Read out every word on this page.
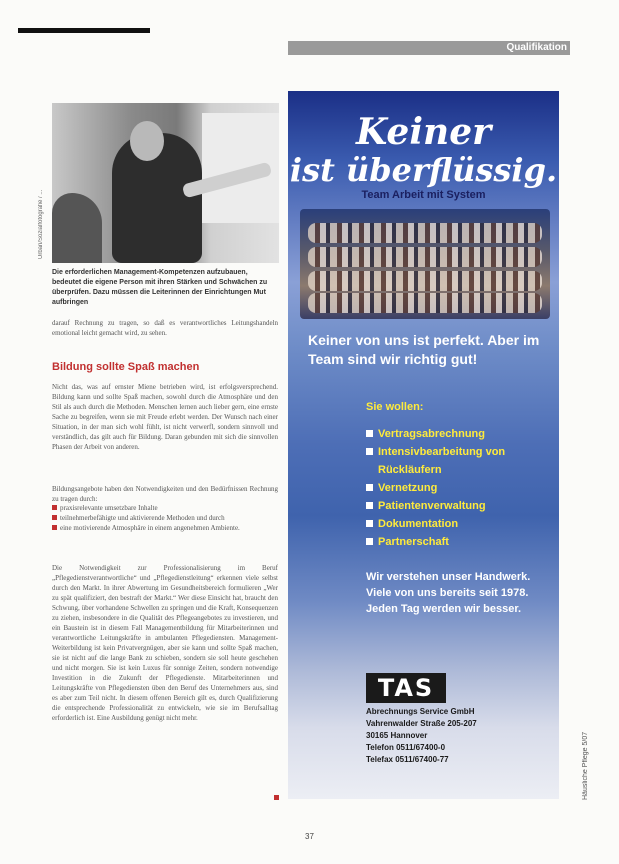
Qualifikation
Urban/Sozialfotografie / ...
Die erforderlichen Management-Kompetenzen aufzubauen, bedeutet die eigene Person mit ihren Stärken und Schwächen zu überprüfen. Dazu müssen die Leiterinnen der Einrichtungen Mut aufbringen
darauf Rechnung zu tragen, so daß es verantwortliches Leitungshandeln emotional leicht gemacht wird, zu sehen.
Bildung sollte Spaß machen
Nicht das, was auf ernster Miene betrieben wird, ist erfolgsversprechend. Bildung kann und sollte Spaß machen, sowohl durch die Atmosphäre und den Stil als auch durch die Methoden. Menschen lernen auch lieber gern, eine ernste Sache zu begreifen, wenn sie mit Freude erlebt werden. Der Wunsch nach einer Situation, in der man sich wohl fühlt, ist nicht verwerfl, sondern sinnvoll und verständlich, das gilt auch für Bildung. Daran gebunden mit sich die sinnvollen Phasen der Arbeit von anderen.
Bildungsangebote haben den Notwendigkeiten und den Bedürfnissen Rechnung zu tragen durch:
praxisrelevante umsetzbare Inhalte
teilnehmerbefähigte und aktivierende Methoden und durch
eine motivierende Atmosphäre in einem angenehmen Ambiente.
Die Notwendigkeit zur Professionalisierung im Beruf „Pflegedienstverantwortliche“ und „Pflegedienstleitung“ erkennen viele selbst durch den Markt. In ihrer Abwertung im Gesundheitsbereich formulieren „Wer zu spät qualifiziert, den bestraft der Markt.“ Wer diese Einsicht hat, braucht den Schwung, über vorhandene Schwellen zu springen und die Kraft, Konsequenzen zu ziehen, insbesondere in die Qualität des Pflegeangebotes zu investieren, und ein Baustein ist in diesem Fall Managementbildung für Mitarbeiterinnen und verantwortliche Leitungskräfte in ambulanten Pflegediensten. Management-Weiterbildung ist kein Privatvergnügen, aber sie kann und sollte Spaß machen, sie ist nicht auf die lange Bank zu schieben, sondern sie soll heute geschehen und nicht morgen. Sie ist kein Luxus für sonnige Zeiten, sondern notwendige Investition in die Zukunft der Pflegedienste. Mitarbeiterinnen und Leitungskräfte von Pflegediensten üben den Beruf des Unternehmers aus, sind es aber zum Teil nicht. In diesem offenen Bereich gilt es, durch Qualifizierung die entsprechende Professionalität zu entwickeln, wie sie im Berufsalltag erforderlich ist. Eine Ausbildung genügt nicht mehr.
Keiner
ist überflüssig.
Team Arbeit mit System
Keiner von uns ist perfekt. Aber im Team sind wir richtig gut!
Sie wollen:
Vertragsabrechnung
Intensivbearbeitung von Rückläufern
Vernetzung
Patientenverwaltung
Dokumentation
Partnerschaft
Wir verstehen unser Handwerk. Viele von uns bereits seit 1978. Jeden Tag werden wir besser.
TAS
Abrechnungs Service GmbH
Vahrenwalder Straße 205-207
30165 Hannover
Telefon 0511/67400-0
Telefax 0511/67400-77	Häusliche Pflege 5/07
37
